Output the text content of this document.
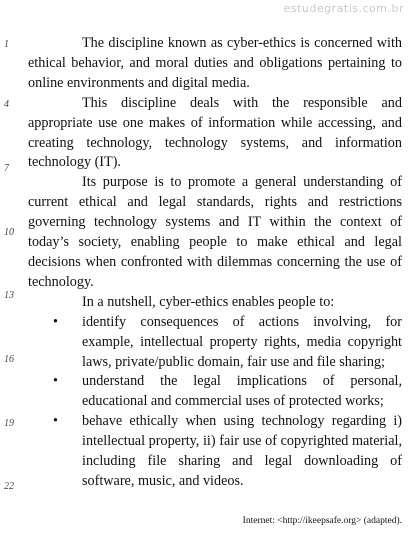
estudegratis.com.br
1
4
7
10
13
16
19
22

The discipline known as cyber-ethics is concerned with ethical behavior, and moral duties and obligations pertaining to online environments and digital media.

This discipline deals with the responsible and appropriate use one makes of information while accessing, and creating technology, technology systems, and information technology (IT).

Its purpose is to promote a general understanding of current ethical and legal standards, rights and restrictions governing technology systems and IT within the context of today’s society, enabling people to make ethical and legal decisions when confronted with dilemmas concerning the use of technology.

In a nutshell, cyber-ethics enables people to:

• identify consequences of actions involving, for example, intellectual property rights, media copyright laws, private/public domain, fair use and file sharing;
• understand the legal implications of personal, educational and commercial uses of protected works;
• behave ethically when using technology regarding i) intellectual property, ii) fair use of copyrighted material, including file sharing and legal downloading of software, music, and videos.
Internet: <http://ikeepsafe.org> (adapted).
